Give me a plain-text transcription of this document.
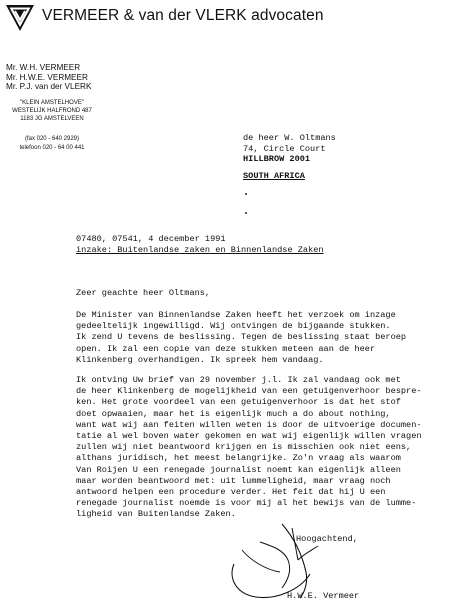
VERMEER & van der VLERK advocaten
Mr. W.H. VERMEER
Mr. H.W.E. VERMEER
Mr. P.J. van der VLERK
"KLEIN AMSTELHOVE"
WESTELIJK HALFROND 487
1183 JG AMSTELVEEN
(fax 020 - 640 2929)
telefoon 020 - 64 00 441
de heer W. Oltmans
74, Circle Court
HILLBROW 2001
SOUTH AFRICA
07480, 07541, 4 december 1991
inzake: Buitenlandse zaken en Binnenlandse Zaken
Zeer geachte heer Oltmans,
De Minister van Binnenlandse Zaken heeft het verzoek om inzage
gedeeltelijk ingewilligd. Wij ontvingen de bijgaande stukken.
Ik zend U tevens de beslissing. Tegen de beslissing staat beroep
open. Ik zal een copie van deze stukken meteen aan de heer
Klinkenberg overhandigen. Ik spreek hem vandaag.
Ik ontving Uw brief van 29 november j.l. Ik zal vandaag ook met
de heer Klinkenberg de mogelijkheid van een getuigenverhoor bespre-
ken. Het grote voordeel van een getuigenverhoor is dat het stof
doet opwaaien, maar het is eigenlijk much a do about nothing,
want wat wij aan feiten willen weten is door de uitvoerige documen-
tatie al wel boven water gekomen en wat wij eigenlijk willen vragen
zullen wij niet beantwoord krijgen en is misschien ook niet eens,
althans juridisch, het meest belangrijke. Zo'n vraag als waarom
Van Roijen U een renegade journalist noemt kan eigenlijk alleen
maar worden beantwoord met: uit lummeligheid, maar vraag noch
antwoord helpen een procedure verder. Het feit dat hij U een
renegade journalist noemde is voor mij al het bewijs van de lumme-
ligheid van Buitenlandse Zaken.
Hoogachtend,
H.W.E. Vermeer
